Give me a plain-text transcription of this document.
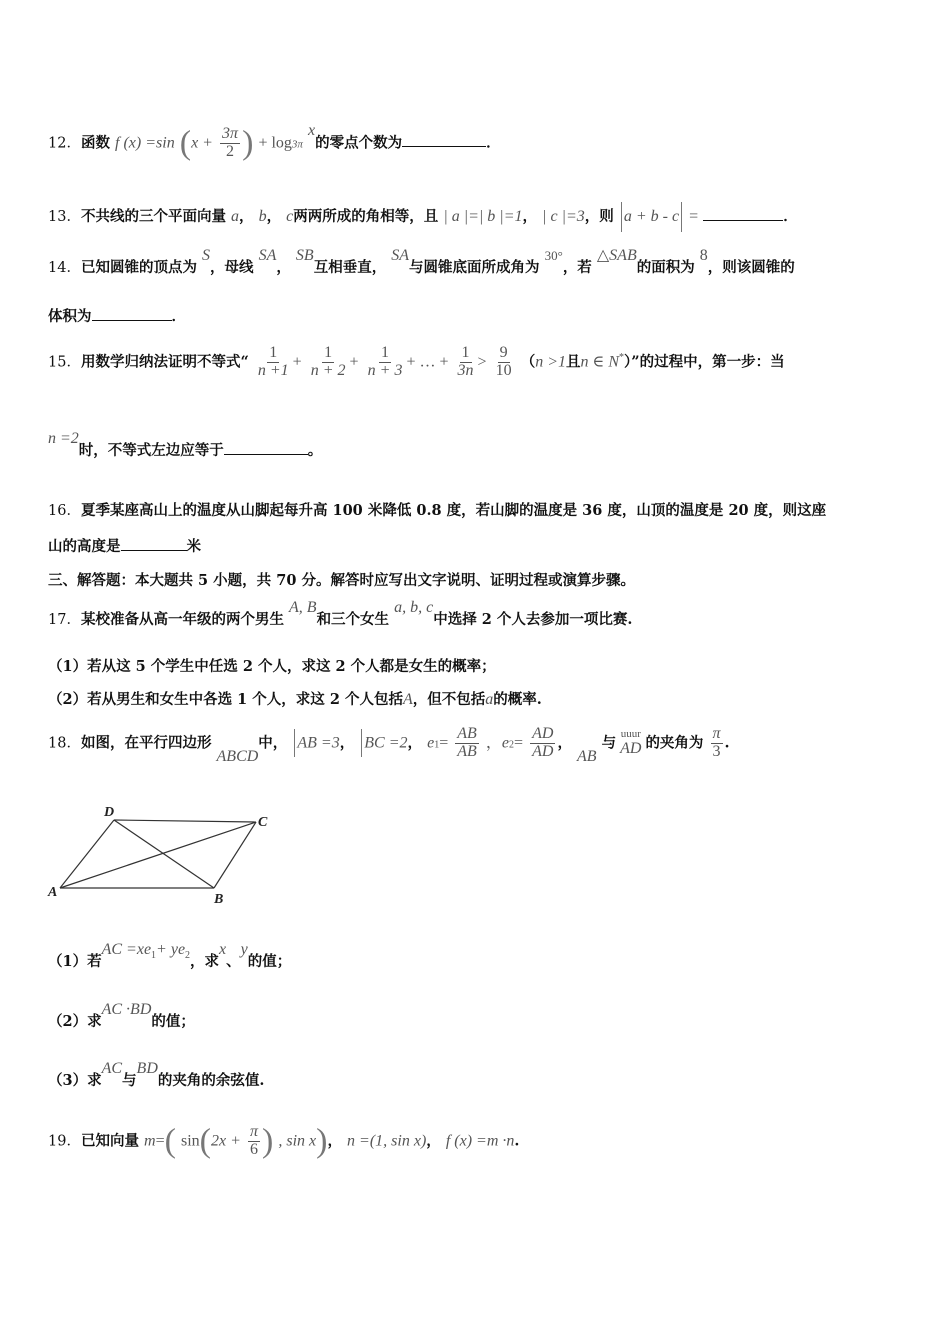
12．函数 f (x) =sin ($x + \frac{3\pi}{2}$ ) + log3π x的零点个数为	．
13．不共线的三个平面向量 a， b， c两两所成的角相等，且 | a |=| b |=1， | c |=3，则 a + b - c =	．
14．已知圆锥的顶点为 S，母线 SA， SB互相垂直， SA与圆锥底面所成角为 30°，若 △SAB的面积为 8，则该圆锥的
体积为	．
15．用数学归纳法证明不等式“ $\frac{1}{n +1} + \frac{1}{n + 2} + \frac{1}{n + 3}$ + … + $\frac{1}{3n} > \frac{9}{10} (n >1$且n ∈ N*）”的过程中，第一步：当
n =2时，不等式左边应等于	。
16．夏季某座高山上的温度从山脚起每升高 100 米降低 0.8 度，若山脚的温度是 36 度，山顶的温度是 20 度，则这座
山的高度是	米
三、解答题：本大题共 5 小题，共 70 分。解答时应写出文字说明、证明过程或演算步骤。
17．某校准备从高一年级的两个男生 A, B和三个女生 a, b, c中选择 2 个人去参加一项比赛.
（1）若从这 5 个学生中任选 2 个人，求这 2 个人都是女生的概率；
（2）若从男生和女生中各选 1 个人，求这 2 个人包括A，但不包括a的概率.
18．如图，在平行四边形 ABCD中， AB =3， BC =2， $e1= \frac{AB}{AB}$ ，$e2= \frac{AD}{AD}$ ， AB 与
uuur
AD 的夹角为 $\frac{\pi}{3}$ .
D
C
A	B
（1）若AC $=xe^1+ ye^2$，求x、y的值；
（2）求AC ·BD的值；
（3）求AC与BD的夹角的余弦值.
19．已知向量 m=( $\sin(2x + \frac{\pi}{6}$ ) , sin x)， n =(1, sin x)， f (x) =m ·n.
